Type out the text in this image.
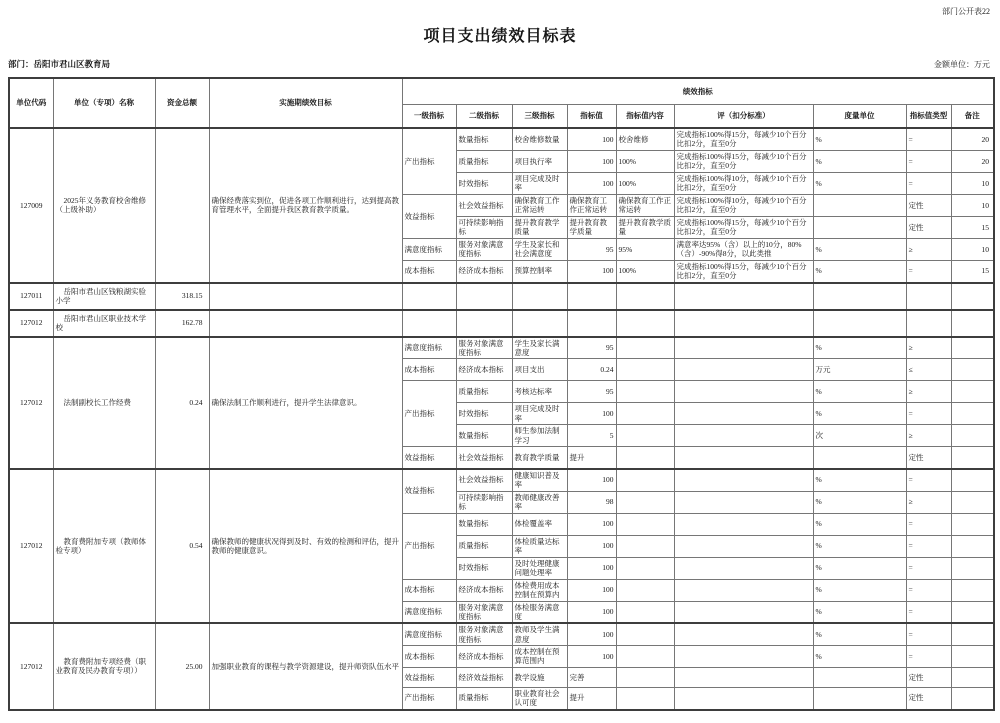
部门公开表22
项目支出绩效目标表
部门：岳阳市君山区教育局	金额单位：万元
单位代码	单位（专项）名称	资金总额	实施期绩效目标	绩效指标								
				一级指标	二级指标	三级指标	指标值	指标值内容	评（扣分标准）	度量单位	指标值类型	备注
127009	2025年义务教育校舍维修（上级补助）		确保经费落实到位，促进各项工作顺利进行，达到提高教育管理水平，全面提升我区教育教学质量。	产出指标	数量指标	校舍维修数量	100	校舍维修	完成指标100%得15分，每减少10个百分比扣2分，直至0分	%	=	20
					质量指标	项目执行率	100	100%	完成指标100%得15分，每减少10个百分比扣2分，直至0分	%	=	20
					时效指标	项目完成及时率	100	100%	完成指标100%得10分，每减少10个百分比扣2分，直至0分	%	=	10
				效益指标	社会效益指标	确保教育工作正常运转	确保教育工作正常运转	确保教育工作正常运转	完成指标100%得10分，每减少10个百分比扣2分，直至0分		定性	10
					可持续影响指标	提升教育教学质量	提升教育教学质量	提升教育教学质量	完成指标100%得15分，每减少10个百分比扣2分，直至0分		定性	15
				满意度指标	服务对象满意度指标	学生及家长和社会满意度	95	95%	满意率达95%（含）以上的10分，80%（含）-90%得8分，以此类推	%	≥	10
				成本指标	经济成本指标	预算控制率	100	100%	完成指标100%得15分，每减少10个百分比扣2分，直至0分	%	=	15
127011	岳阳市君山区钱粮湖实验小学	318.15										
127012	岳阳市君山区职业技术学校	162.78										
127012	法制副校长工作经费	0.24	确保法制工作顺利进行，提升学生法律意识。	满意度指标	服务对象满意度指标	学生及家长满意度	95			%	≥	
				成本指标	经济成本指标	项目支出	0.24			万元	≤	
				产出指标	质量指标	考核达标率	95			%	≥	
					时效指标	项目完成及时率	100			%	=	
					数量指标	师生参加法制学习	5			次	≥	
				效益指标	社会效益指标	教育教学质量	提升				定性	
127012	教育费附加专项（教师体检专项）	0.54	确保教师的健康状况得到及时、有效的检测和评估，提升教师的健康意识。	效益指标	社会效益指标	健康知识普及率	100			%	=	
					可持续影响指标	教师健康改善率	98			%	≥	
				产出指标	数量指标	体检覆盖率	100			%	=	
					质量指标	体检质量达标率	100			%	=	
					时效指标	及时处理健康问题处理率	100			%	=	
				成本指标	经济成本指标	体检费用成本控制在预算内	100			%	=	
				满意度指标	服务对象满意度指标	体检服务满意度	100			%	=	
127012	教育费附加专项经费（职业教育及民办教育专项））	25.00	加强职业教育的课程与教学资源建设，提升师资队伍水平	满意度指标	服务对象满意度指标	教师及学生满意度	100			%	=	
				成本指标	经济成本指标	成本控制在预算范围内	100			%	=	
				效益指标	经济效益指标	教学设施	完善				定性	
				产出指标	质量指标	职业教育社会认可度	提升				定性	
